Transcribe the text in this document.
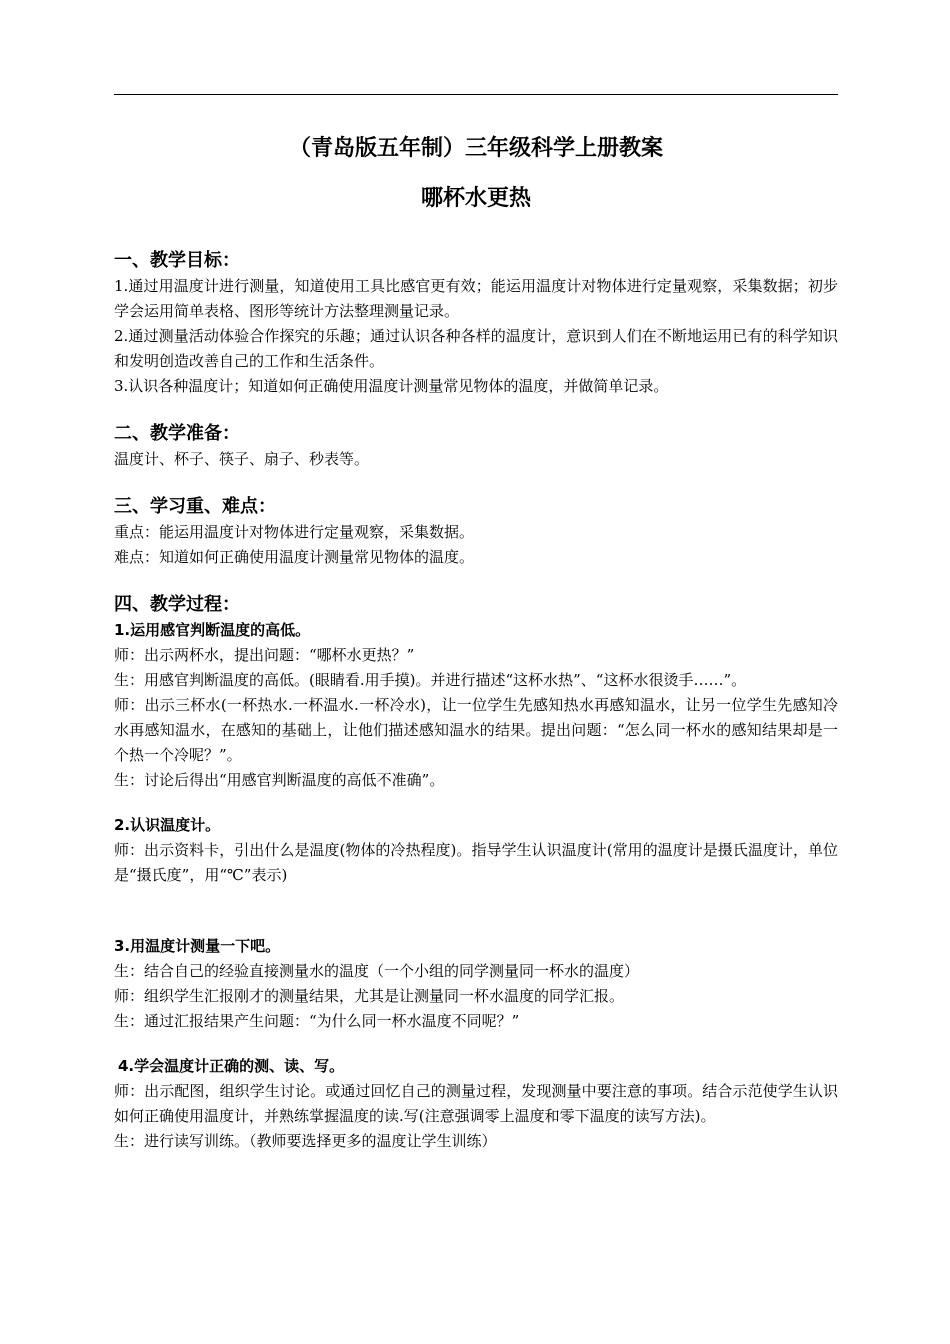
（青岛版五年制）三年级科学上册教案
哪杯水更热

一、教学目标：

1.通过用温度计进行测量，知道使用工具比感官更有效；能运用温度计对物体进行定量观察，采集数据；初步学会运用简单表格、图形等统计方法整理测量记录。

2.通过测量活动体验合作探究的乐趣；通过认识各种各样的温度计，意识到人们在不断地运用已有的科学知识和发明创造改善自己的工作和生活条件。

3.认识各种温度计；知道如何正确使用温度计测量常见物体的温度，并做简单记录。

二、教学准备：

温度计、杯子、筷子、扇子、秒表等。

三、学习重、难点：

重点：能运用温度计对物体进行定量观察，采集数据。

难点：知道如何正确使用温度计测量常见物体的温度。

四、教学过程：

1.运用感官判断温度的高低。

师：出示两杯水，提出问题：“哪杯水更热？”

生：用感官判断温度的高低。(眼睛看.用手摸)。并进行描述“这杯水热”、“这杯水很烫手……”。

师：出示三杯水(一杯热水.一杯温水.一杯冷水)，让一位学生先感知热水再感知温水，让另一位学生先感知冷水再感知温水，在感知的基础上，让他们描述感知温水的结果。提出问题：“怎么同一杯水的感知结果却是一个热一个冷呢？”。

生：讨论后得出“用感官判断温度的高低不准确”。

2.认识温度计。

师：出示资料卡，引出什么是温度(物体的冷热程度)。指导学生认识温度计(常用的温度计是摄氏温度计，单位是“摄氏度”，用“℃”表示)

3.用温度计测量一下吧。

生：结合自己的经验直接测量水的温度（一个小组的同学测量同一杯水的温度）

师：组织学生汇报刚才的测量结果，尤其是让测量同一杯水温度的同学汇报。

生：通过汇报结果产生问题：“为什么同一杯水温度不同呢？”

4.学会温度计正确的测、读、写。

师：出示配图，组织学生讨论。或通过回忆自己的测量过程，发现测量中要注意的事项。结合示范使学生认识如何正确使用温度计，并熟练掌握温度的读.写(注意强调零上温度和零下温度的读写方法)。

生：进行读写训练。（教师要选择更多的温度让学生训练）
